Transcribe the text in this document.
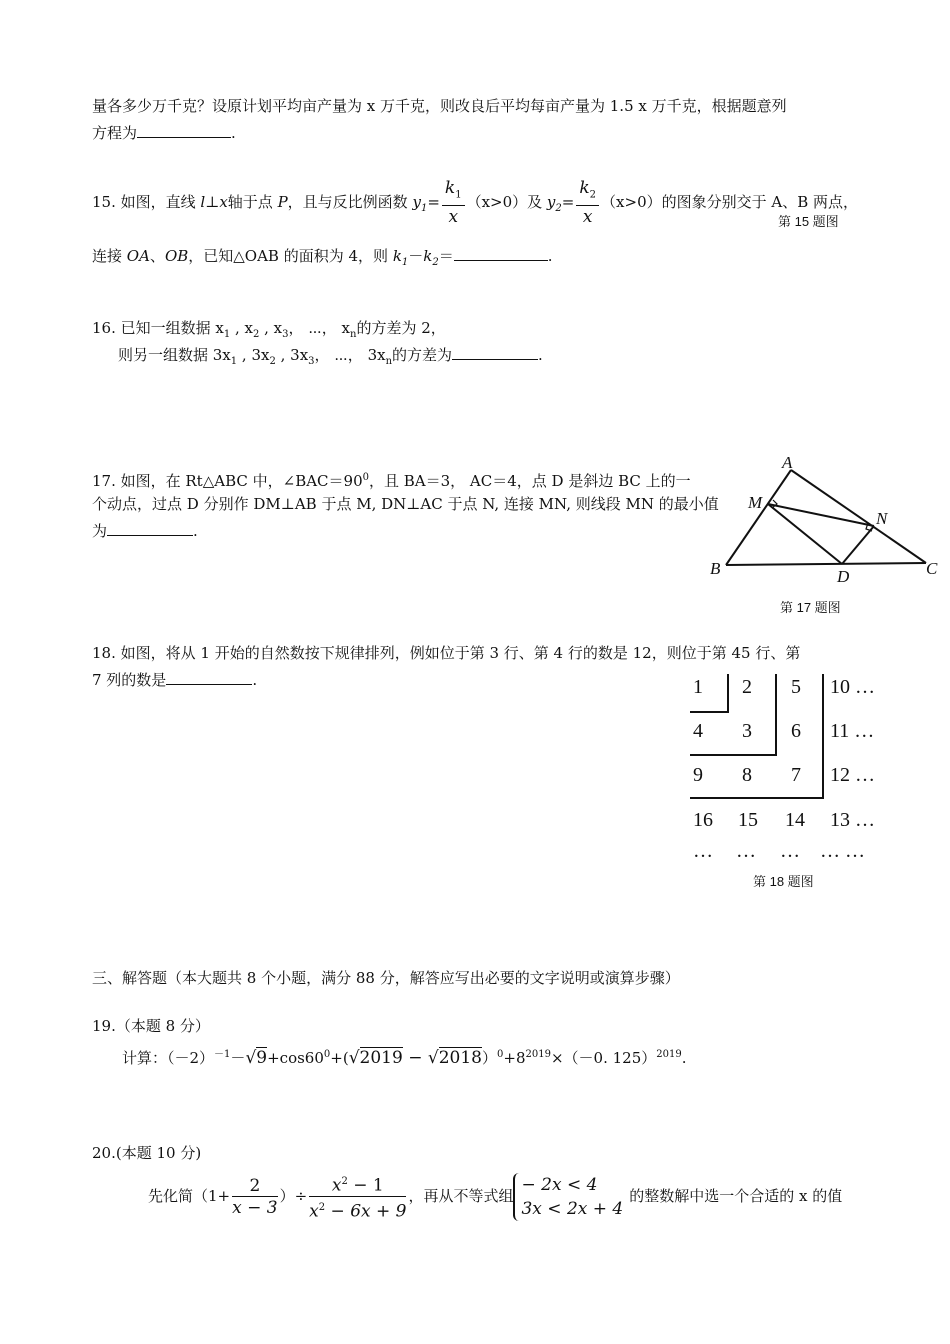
量各多少万千克？设原计划平均亩产量为 x 万千克，则改良后平均每亩产量为 1.5 x 万千克，根据题意列
方程为	.
15. 如图，直线 l⊥x轴于点 P，且与反比例函数 $y_1= \frac{k_1}{x} (x>0)$及 $y_2= \frac{k_2}{x} (x>0)$的图象分别交于 A、B 两点，
第 15 题图
连接 OA、OB，已知△OAB 的面积为 4，则 $k_1-k_2=$	.
16. 已知一组数据 $x_1$ , $x_2$ , $x_3$， ⋯， $x_n$的方差为 2，
则另一组数据 $3x_1$ , $3x_2$ , $3x_3$， ⋯， $3x_n$的方差为	.
17. 如图，在 Rt△ABC 中，$\angle BAC=90^0$，且 BA＝3， AC＝4，点 D 是斜边 BC 上的一
个动点，过点 D 分别作 DM⊥AB 于点 M, DN⊥AC 于点 N, 连接 MN, 则线段 MN 的最小值
为	.
A
M
N
B	D	C
第 17 题图
18. 如图，将从 1 开始的自然数按下规律排列，例如位于第 3 行、第 4 行的数是 12，则位于第 45 行、第
7 列的数是	.	1 2 5 10 …
4 3 6 11 …
9 8 7 12 …
16 15 14 13 …
… … … … …
第 18 题图
三、解答题（本大题共 8 个小题，满分 88 分，解答应写出必要的文字说明或演算步骤）
19.（本题 8 分）
计算：$(-2)^{-1}-√9+\cos 60^0+(√2019 - √2018)^0+8^{2019}\times(-0$. 125）$^{2019}$.
20.(本题 10 分)
先化简（$1+ \frac{2}{x - 3}$ ）÷ $\frac{x^2 - 1}{x^2 - 6x + 9}$ ，再从不等式组
− 2x < 4
3x < 2x + 4
的整数解中选一个合适的 x 的值
